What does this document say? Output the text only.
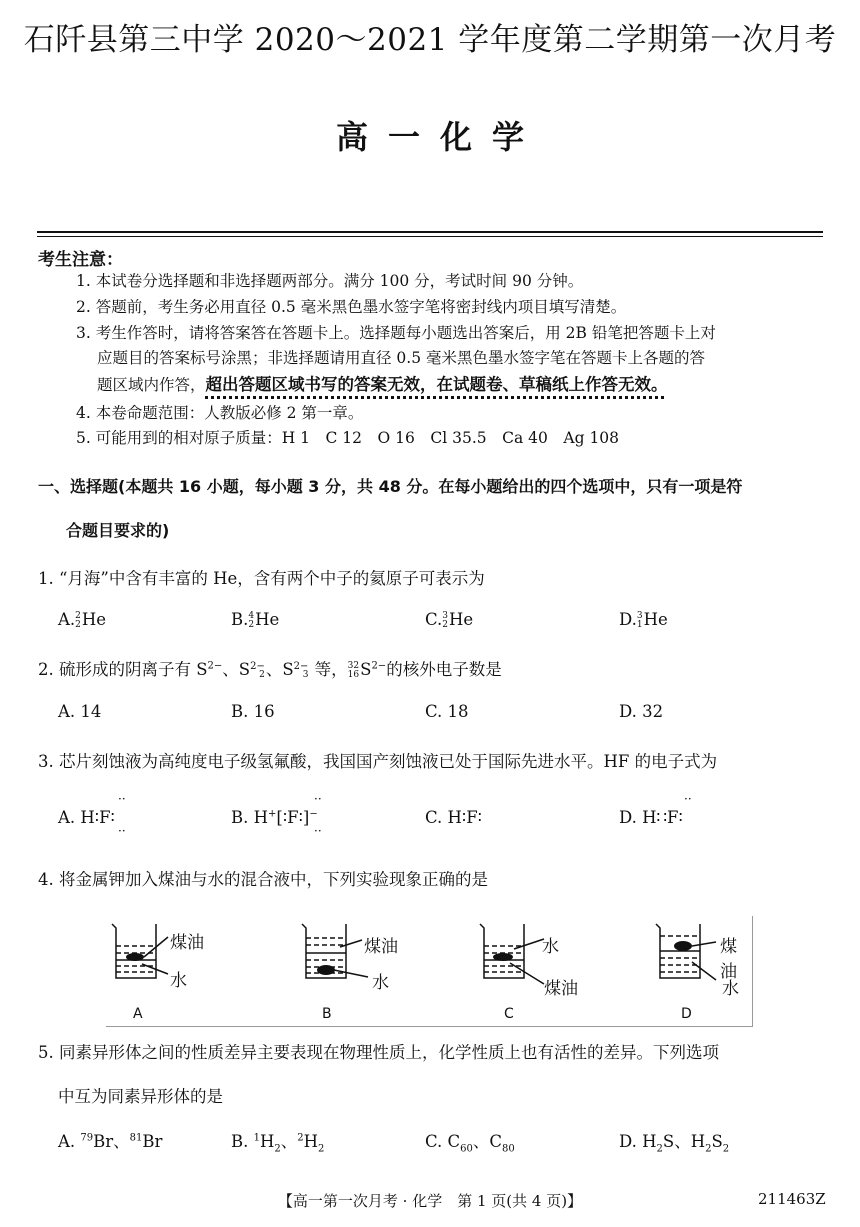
石阡县第三中学 2020～2021 学年度第二学期第一次月考
高一化学
考生注意：
1. 本试卷分选择题和非选择题两部分。满分 100 分，考试时间 90 分钟。
2. 答题前，考生务必用直径 0.5 毫米黑色墨水签字笔将密封线内项目填写清楚。
3. 考生作答时，请将答案答在答题卡上。选择题每小题选出答案后，用 2B 铅笔把答题卡上对
应题目的答案标号涂黑；非选择题请用直径 0.5 毫米黑色墨水签字笔在答题卡上各题的答
题区域内作答，超出答题区域书写的答案无效，在试题卷、草稿纸上作答无效。
4. 本卷命题范围：人教版必修 2 第一章。
5. 可能用到的相对原子质量：H 1　C 12　O 16　Cl 35.5　Ca 40　Ag 108
一、选择题(本题共 16 小题，每小题 3 分，共 48 分。在每小题给出的四个选项中，只有一项是符
合题目要求的)
1. “月海”中含有丰富的 He，含有两个中子的氦原子可表示为
A. 2
2 He	B. 4
2 He	C. 3
2 He	D. 3
1 He
2. 硫形成的阴离子有 $S^{2-}$、S 2−
2 、S 2−
3 等， 32
16 $S^{2-}$的核外电子数是
A. 14	B. 16	C. 18	D. 32
3. 芯片刻蚀液为高纯度电子级氢氟酸，我国国产刻蚀液已处于国际先进水平。HF 的电子式为
A. H∶F∶
··
··
B. H+[∶F∶]−
··
··
C. H∶F∶	D. H∷F∶
··
4. 将金属钾加入煤油与水的混合液中，下列实验现象正确的是
煤油
水
煤油
水
水
煤油
煤油
水
A	B	C	D
5. 同素异形体之间的性质差异主要表现在物理性质上，化学性质上也有活性的差异。下列选项
中互为同素异形体的是
A. $^{79}$Br、$^{81}$Br	B. $^1H_2$、$^2H_2$	C. $C_{60}$、$C_{80}$	D. $H_2S$、$H_2S_2$
【高一第一次月考 · 化学　第 1 页(共 4 页)】	211463Z
